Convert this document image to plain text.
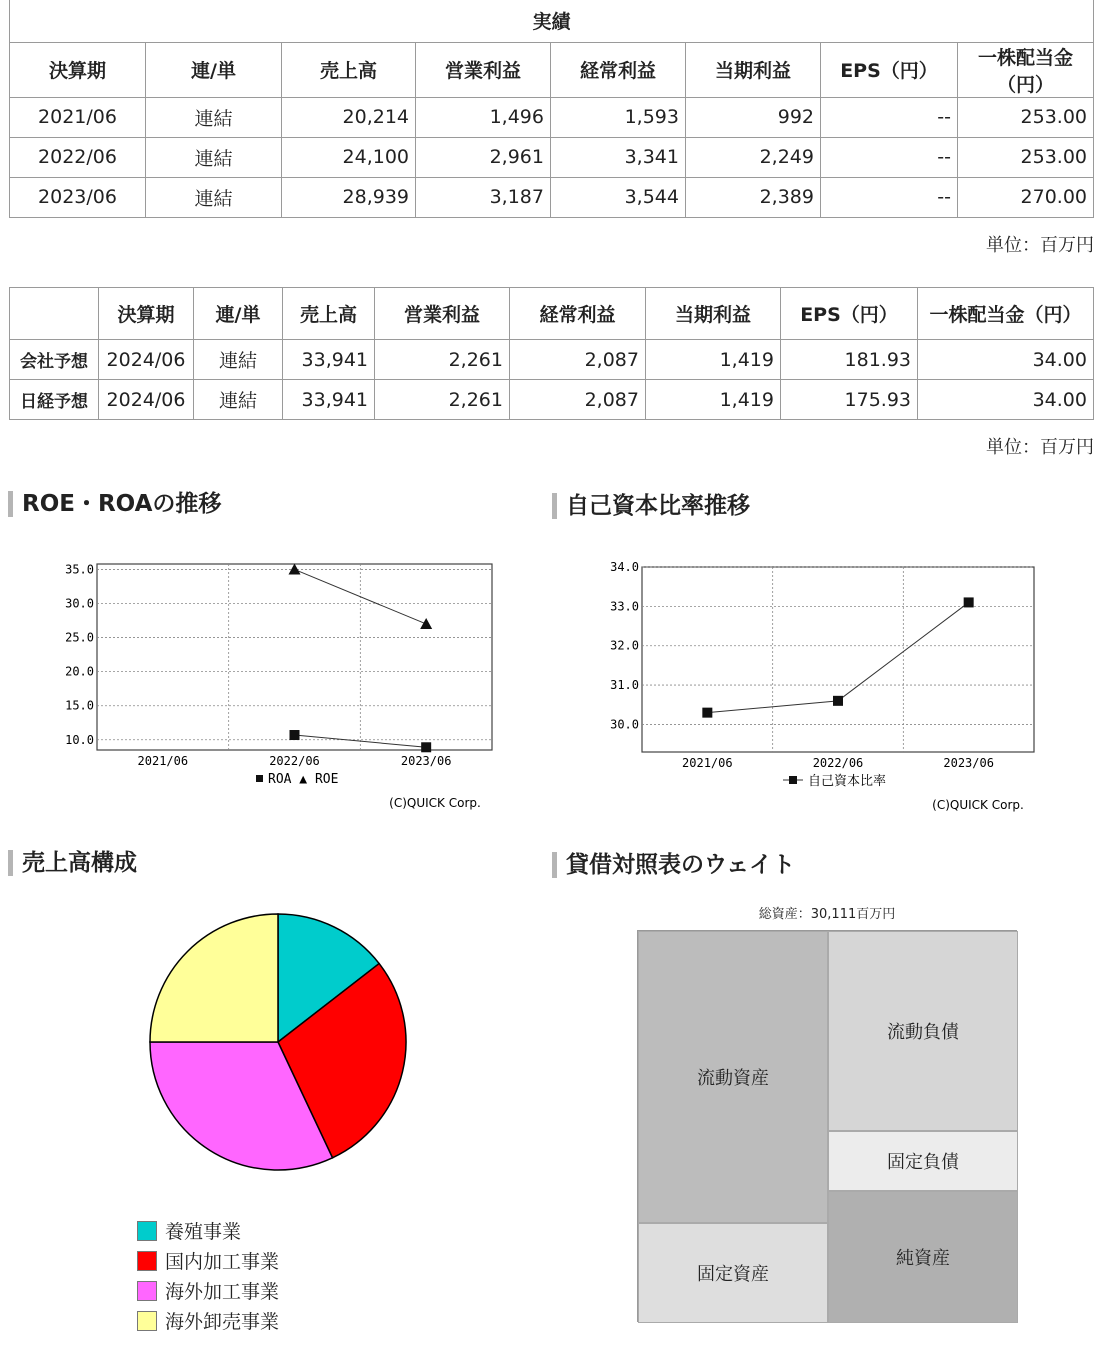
実績							
決算期	連/単	売上高	営業利益	経常利益	当期利益	EPS（円）	一株配当金（円）
2021/06	連結	20,214	1,496	1,593	992	--	253.00
2022/06	連結	24,100	2,961	3,341	2,249	--	253.00
2023/06	連結	28,939	3,187	3,544	2,389	--	270.00
単位：百万円
	決算期	連/単	売上高	営業利益	経常利益	当期利益	EPS（円）	一株配当金（円）
会社予想	2024/06	連結	33,941	2,261	2,087	1,419	181.93	34.00
日経予想	2024/06	連結	33,941	2,261	2,087	1,419	175.93	34.00
単位：百万円
ROE・ROAの推移	自己資本比率推移
売上高構成	貸借対照表のウェイト
35.0
30.0
25.0
20.0
15.0
10.0
2021/06	2022/06	2023/06
ROA ▲ ROE
(C)QUICK Corp.
34.0
33.0
32.0
31.0
30.0
2021/06	2022/06	2023/06
自己資本比率
(C)QUICK Corp.
養殖事業
国内加工事業
海外加工事業
海外卸売事業
総資産：30,111百万円
流動資産
固定資産
流動負債
固定負債
純資産
